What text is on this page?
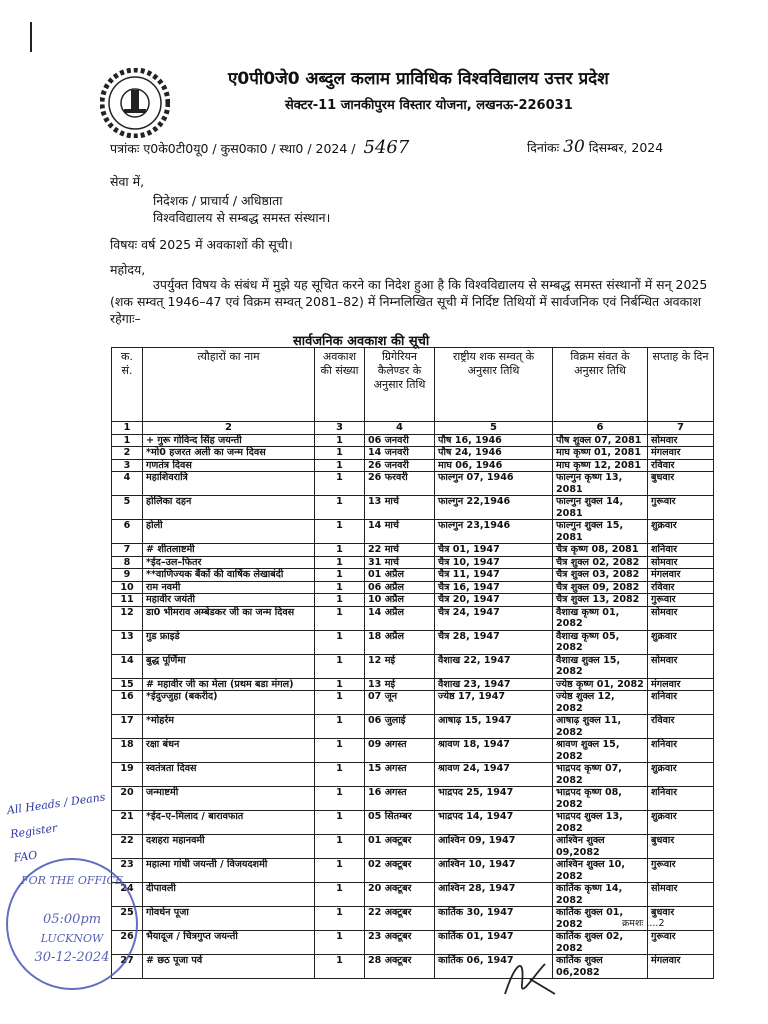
ए0पी0जे0 अब्दुल कलाम प्राविधिक विश्वविद्यालय उत्तर प्रदेश
सेक्टर-11 जानकीपुरम विस्तार योजना, लखनऊ-226031
पत्रांकः ए0के0टी0यू0 / कुस0का0 / स्था0 / 2024 / 5467	दिनांकः 30 दिसम्बर, 2024
सेवा में,
निदेशक / प्राचार्य / अधिष्ठाता
विश्वविद्यालय से सम्बद्ध समस्त संस्थान।
विषयः वर्ष 2025 में अवकाशों की सूची।
महोदय,
उपर्युक्त विषय के संबंध में मुझे यह सूचित करने का निदेश हुआ है कि विश्वविद्यालय से सम्बद्ध समस्त संस्थानों में सन् 2025 (शक सम्वत् 1946–47 एवं विक्रम सम्वत् 2081–82) में निम्नलिखित सूची में निर्दिष्ट तिथियों में सार्वजनिक एवं निर्बन्धित अवकाश रहेगाः–
सार्वजनिक अवकाश की सूची
क. सं.	त्यौहारों का नाम	अवकाश की संख्या	ग्रिगेरियन कैलेण्डर के अनुसार तिथि	राष्ट्रीय शक सम्वत् के अनुसार तिथि	विक्रम संवत के अनुसार तिथि	सप्ताह के दिन
1	2	3	4	5	6	7
1	+ गुरू गोविन्द सिंह जयन्ती	1	06 जनवरी	पौष 16, 1946	पौष शुक्ल 07, 2081	सोमवार
2	*मो0 हजरत अली का जन्म दिवस	1	14 जनवरी	पौष 24, 1946	माघ कृष्ण 01, 2081	मंगलवार
3	गणतंत्र दिवस	1	26 जनवरी	माघ 06, 1946	माघ कृष्ण 12, 2081	रविवार
4	महाशिवरात्रि	1	26 फरवरी	फाल्गुन 07, 1946	फाल्गुन कृष्ण 13, 2081	बुधवार
5	होलिका दहन	1	13 मार्च	फाल्गुन 22,1946	फाल्गुन शुक्ल 14, 2081	गुरूवार
6	होली	1	14 मार्च	फाल्गुन 23,1946	फाल्गुन शुक्ल 15, 2081	शुक्रवार
7	# शीतलाष्टमी	1	22 मार्च	चैत्र 01, 1947	चैत्र कृष्ण 08, 2081	शनिवार
8	*ईद–उल–फितर	1	31 मार्च	चैत्र 10, 1947	चैत्र शुक्ल 02, 2082	सोमवार
9	**वाणिज्यक बैंकों की वार्षिक लेखाबंदी	1	01 अप्रैल	चैत्र 11, 1947	चैत्र शुक्ल 03, 2082	मंगलवार
10	राम नवमी	1	06 अप्रैल	चैत्र 16, 1947	चैत्र शुक्ल 09, 2082	रविवार
11	महावीर जयंती	1	10 अप्रैल	चैत्र 20, 1947	चैत्र शुक्ल 13, 2082	गुरूवार
12	डा0 भीमराव अम्बेडकर जी का जन्म दिवस	1	14 अप्रैल	चैत्र 24, 1947	वैशाख कृष्ण 01, 2082	सोमवार
13	गुड फ्राइडे	1	18 अप्रैल	चैत्र 28, 1947	वैशाख कृष्ण 05, 2082	शुक्रवार
14	बुद्ध पूर्णिमा	1	12 मई	वैशाख 22, 1947	वैशाख शुक्ल 15, 2082	सोमवार
15	# महावीर जी का मेला (प्रथम बडा मंगल)	1	13 मई	वैशाख 23, 1947	ज्येष्ठ कृष्ण 01, 2082	मंगलवार
16	*ईदुज्जुहा (बकरीद)	1	07 जून	ज्येष्ठ 17, 1947	ज्येष्ठ शुक्ल 12, 2082	शनिवार
17	*मोहर्रम	1	06 जुलाई	आषाढ़ 15, 1947	आषाढ़ शुक्ल 11, 2082	रविवार
18	रक्षा बंधन	1	09 अगस्त	श्रावण 18, 1947	श्रावण शुक्ल 15, 2082	शनिवार
19	स्वतंत्रता दिवस	1	15 अगस्त	श्रावण 24, 1947	भाद्रपद कृष्ण 07, 2082	शुक्रवार
20	जन्माष्टमी	1	16 अगस्त	भाद्रपद 25, 1947	भाद्रपद कृष्ण 08, 2082	शनिवार
21	*ईद–ए–मिलाद / बारावफात	1	05 सितम्बर	भाद्रपद 14, 1947	भाद्रपद शुक्ल 13, 2082	शुक्रवार
22	दशहरा महानवमी	1	01 अक्टूबर	आश्विन 09, 1947	आश्विन शुक्ल 09,2082	बुधवार
23	महात्मा गांधी जयन्ती / विजयदशमी	1	02 अक्टूबर	आश्विन 10, 1947	आश्विन शुक्ल 10, 2082	गुरूवार
24	दीपावली	1	20 अक्टूबर	आश्विन 28, 1947	कार्तिक कृष्ण 14, 2082	सोमवार
25	गोवर्धन पूजा	1	22 अक्टूबर	कार्तिक 30, 1947	कार्तिक शुक्ल 01, 2082	बुधवार
26	भैयादूज / चित्रगुप्त जयन्ती	1	23 अक्टूबर	कार्तिक 01, 1947	कार्तिक शुक्ल 02, 2082	गुरूवार
27	# छठ पूजा पर्व	1	28 अक्टूबर	कार्तिक 06, 1947	कार्तिक शुक्ल 06,2082	मंगलवार
क्रमशः ....2
All Heads / Deans
Register
FAO
FOR THE OFFICE
05:00pm
LUCKNOW
30-12-2024
